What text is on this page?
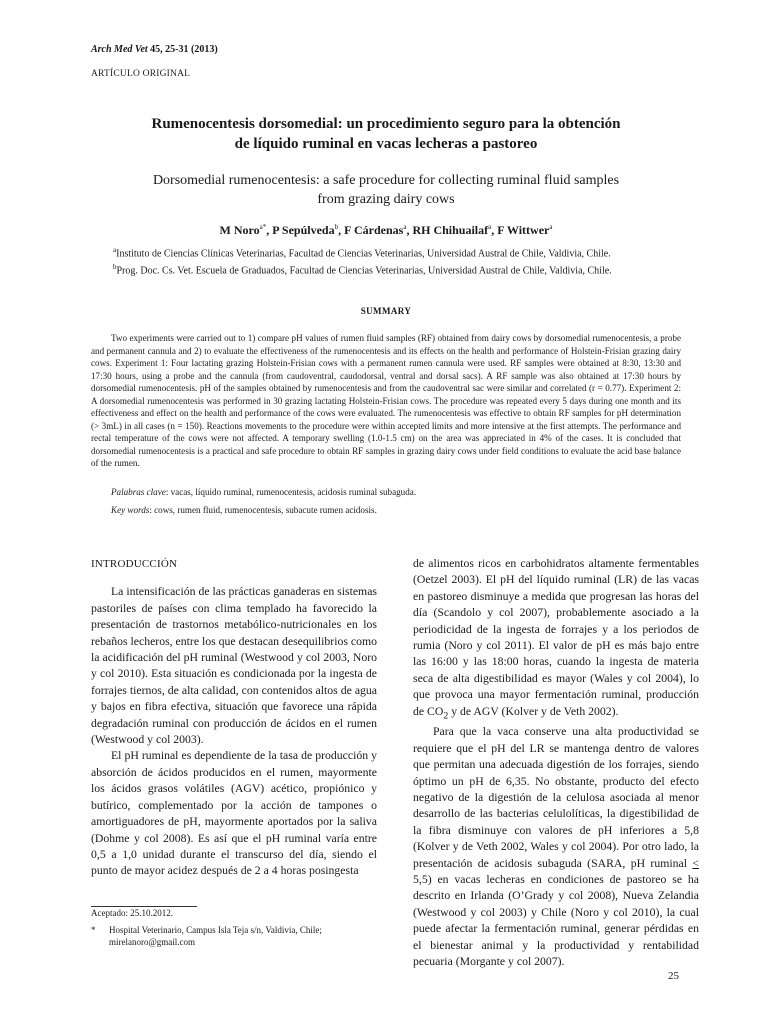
Arch Med Vet 45, 25-31 (2013)
ARTÍCULO ORIGINAL
Rumenocentesis dorsomedial: un procedimiento seguro para la obtención
de líquido ruminal en vacas lecheras a pastoreo
Dorsomedial rumenocentesis: a safe procedure for collecting ruminal fluid samples
from grazing dairy cows
M Noro$^{a*}$, P Sepúlveda$^b$, F Cárdenas$^a$, RH Chihuailaf$^a$, F Wittwer$^a$
$^a$Instituto de Ciencias Clínicas Veterinarias, Facultad de Ciencias Veterinarias, Universidad Austral de Chile, Valdivia, Chile.
$^b$Prog. Doc. Cs. Vet. Escuela de Graduados, Facultad de Ciencias Veterinarias, Universidad Austral de Chile, Valdivia, Chile.
SUMMARY

Two experiments were carried out to 1) compare pH values of rumen fluid samples (RF) obtained from dairy cows by dorsomedial rumenocentesis, a probe and permanent cannula and 2) to evaluate the effectiveness of the rumenocentesis and its effects on the health and performance of Holstein-Frisian grazing dairy cows. Experiment 1: Four lactating grazing Holstein-Frisian cows with a permanent rumen cannula were used. RF samples were obtained at 8:30, 13:30 and 17:30 hours, using a probe and the cannula (from caudoventral, caudodorsal, ventral and dorsal sacs). A RF sample was also obtained at 17:30 hours by dorsomedial rumenocentesis. pH of the samples obtained by rumenocentesis and from the caudoventral sac were similar and correlated (r = 0.77). Experiment 2: A dorsomedial rumenocentesis was performed in 30 grazing lactating Holstein-Frisian cows. The procedure was repeated every 5 days during one month and its effectiveness and effect on the health and performance of the cows were evaluated. The rumenocentesis was effective to obtain RF samples for pH determination (> 3mL) in all cases (n = 150). Reactions movements to the procedure were within accepted limits and more intensive at the first attempts. The performance and rectal temperature of the cows were not affected. A temporary swelling (1.0-1.5 cm) on the area was appreciated in 4% of the cases. It is concluded that dorsomedial rumenocentesis is a practical and safe procedure to obtain RF samples in grazing dairy cows under field conditions to evaluate the acid base balance of the rumen.

Palabras clave: vacas, líquido ruminal, rumenocentesis, acidosis ruminal subaguda.
Key words: cows, rumen fluid, rumenocentesis, subacute rumen acidosis.
INTRODUCCIÓN

La intensificación de las prácticas ganaderas en sistemas pastoriles de países con clima templado ha favorecido la presentación de trastornos metabólico-nutricionales en los rebaños lecheros, entre los que destacan desequilibrios como la acidificación del pH ruminal (Westwood y col 2003, Noro y col 2010). Esta situación es condicionada por la ingesta de forrajes tiernos, de alta calidad, con contenidos altos de agua y bajos en fibra efectiva, situación que favorece una rápida degradación ruminal con producción de ácidos en el rumen (Westwood y col 2003).

El pH ruminal es dependiente de la tasa de producción y absorción de ácidos producidos en el rumen, mayormente los ácidos grasos volátiles (AGV) acético, propiónico y butírico, complementado por la acción de tampones o amortiguadores de pH, mayormente aportados por la saliva (Dohme y col 2008). Es así que el pH ruminal varía entre 0,5 a 1,0 unidad durante el transcurso del día, siendo el punto de mayor acidez después de 2 a 4 horas posingesta

de alimentos ricos en carbohidratos altamente fermentables (Oetzel 2003). El pH del líquido ruminal (LR) de las vacas en pastoreo disminuye a medida que progresan las horas del día (Scandolo y col 2007), probablemente asociado a la periodicidad de la ingesta de forrajes y a los periodos de rumia (Noro y col 2011). El valor de pH es más bajo entre las 16:00 y las 18:00 horas, cuando la ingesta de materia seca de alta digestibilidad es mayor (Wales y col 2004), lo que provoca una mayor fermentación ruminal, producción de $CO_2$ y de AGV (Kolver y de Veth 2002).

Para que la vaca conserve una alta productividad se requiere que el pH del LR se mantenga dentro de valores que permitan una adecuada digestión de los forrajes, siendo óptimo un pH de 6,35. No obstante, producto del efecto negativo de la digestión de la celulosa asociada al menor desarrollo de las bacterias celulolíticas, la digestibilidad de la fibra disminuye con valores de pH inferiores a 5,8 (Kolver y de Veth 2002, Wales y col 2004). Por otro lado, la presentación de acidosis subaguda (SARA, pH ruminal < 5,5) en vacas lecheras en condiciones de pastoreo se ha descrito en Irlanda (O’Grady y col 2008), Nueva Zelandia (Westwood y col 2003) y Chile (Noro y col 2010), la cual puede afectar la fermentación ruminal, generar pérdidas en el bienestar animal y la productividad y rentabilidad pecuaria (Morgante y col 2007).

Aceptado: 25.10.2012.
*	Hospital Veterinario, Campus Isla Teja s/n, Valdivia, Chile; mirelanoro@gmail.com
25
